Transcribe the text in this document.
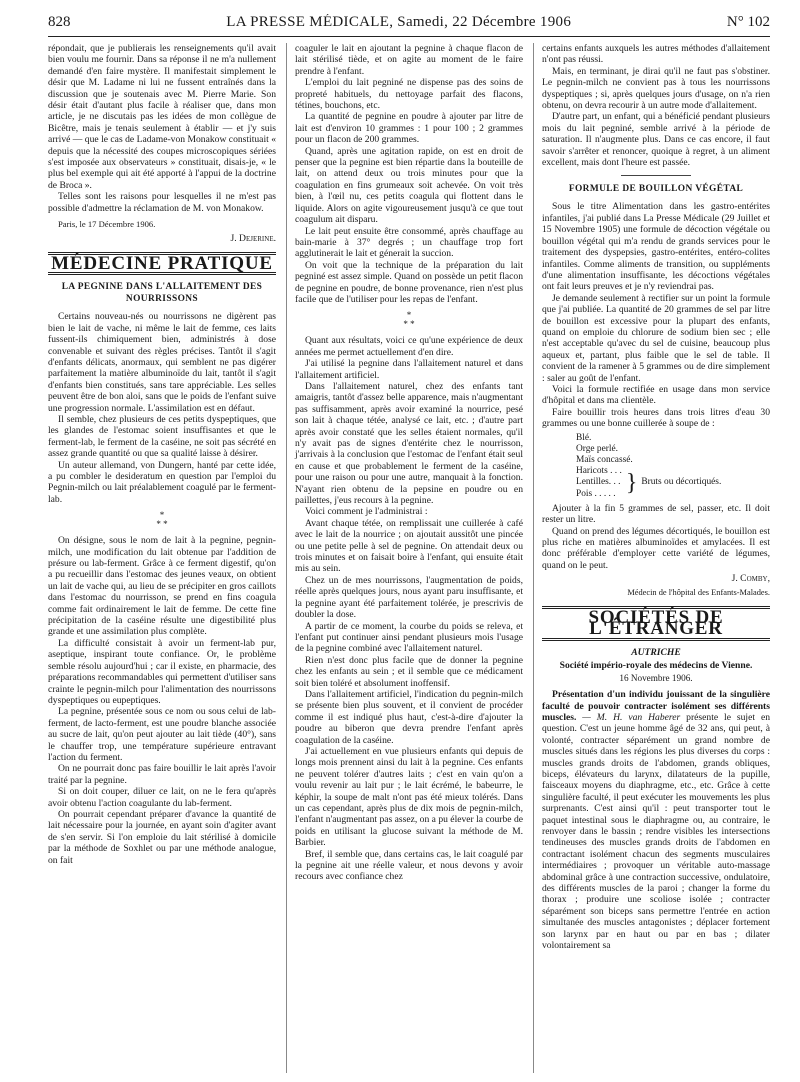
828	LA PRESSE MÉDICALE, Samedi, 22 Décembre 1906	N° 102

répondait, que je publierais les renseignements qu'il avait bien voulu me fournir. Dans sa réponse il ne m'a nullement demandé d'en faire mystère. Il manifestait simplement le désir que M. Ladame ni lui ne fussent entraînés dans la discussion que je soutenais avec M. Pierre Marie. Son désir était d'autant plus facile à réaliser que, dans mon article, je ne discutais pas les idées de mon collègue de Bicêtre, mais je tenais seulement à établir — et j'y suis arrivé — que le cas de Ladame-von Monakow constituait « depuis que la nécessité des coupes microscopiques sériées s'est imposée aux observateurs » constituait, disais-je, « le plus bel exemple qui ait été apporté à l'appui de la doctrine de Broca ».

Telles sont les raisons pour lesquelles il ne m'est pas possible d'admettre la réclamation de M. von Monakow.

Paris, le 17 Décembre 1906.

J. Dejerine.

MÉDECINE PRATIQUE
LA PEGNINE DANS L'ALLAITEMENT DES NOURRISSONS

Certains nouveau-nés ou nourrissons ne digèrent pas bien le lait de vache, ni même le lait de femme, ces laits fussent-ils chimiquement bien, administrés à dose convenable et suivant des règles précises. Tantôt il s'agit d'enfants délicats, anormaux, qui semblent ne pas digérer parfaitement la matière albuminoïde du lait, tantôt il s'agit d'enfants bien constitués, sans tare appréciable. Les selles peuvent être de bon aloi, sans que le poids de l'enfant suive une progression normale. L'assimilation est en défaut.

Il semble, chez plusieurs de ces petits dyspeptiques, que les glandes de l'estomac soient insuffisantes et que le ferment-lab, le ferment de la caséine, ne soit pas sécrété en assez grande quantité ou que sa qualité laisse à désirer.

Un auteur allemand, von Dungern, hanté par cette idée, a pu combler le desideratum en question par l'emploi du Pegnin-milch ou lait préalablement coagulé par le ferment-lab.

*
* *

On désigne, sous le nom de lait à la pegnine, pegnin-milch, une modification du lait obtenue par l'addition de présure ou lab-ferment. Grâce à ce ferment digestif, qu'on a pu recueillir dans l'estomac des jeunes veaux, on obtient un lait de vache qui, au lieu de se précipiter en gros caillots dans l'estomac du nourrisson, se prend en fins coagula comme fait ordinairement le lait de femme. De cette fine précipitation de la caséine résulte une digestibilité plus grande et une assimilation plus complète.

La difficulté consistait à avoir un ferment-lab pur, aseptique, inspirant toute confiance. Or, le problème semble résolu aujourd'hui ; car il existe, en pharmacie, des préparations recommandables qui permettent d'utiliser sans crainte le pegnin-milch pour l'alimentation des nourrissons dyspeptiques ou eupeptiques.

La pegnine, présentée sous ce nom ou sous celui de lab-ferment, de lacto-ferment, est une poudre blanche associée au sucre de lait, qu'on peut ajouter au lait tiède (40°), sans le chauffer trop, une température supérieure entravant l'action du ferment.

On ne pourrait donc pas faire bouillir le lait après l'avoir traité par la pegnine.

Si on doit couper, diluer ce lait, on ne le fera qu'après avoir obtenu l'action coagulante du lab-ferment.

On pourrait cependant préparer d'avance la quantité de lait nécessaire pour la journée, en ayant soin d'agiter avant de s'en servir. Si l'on emploie du lait stérilisé à domicile par la méthode de Soxhlet ou par une méthode analogue, on fait

coaguler le lait en ajoutant la pegnine à chaque flacon de lait stérilisé tiède, et on agite au moment de le faire prendre à l'enfant.

L'emploi du lait pegniné ne dispense pas des soins de propreté habituels, du nettoyage parfait des flacons, tétines, bouchons, etc.

La quantité de pegnine en poudre à ajouter par litre de lait est d'environ 10 grammes : 1 pour 100 ; 2 grammes pour un flacon de 200 grammes.

Quand, après une agitation rapide, on est en droit de penser que la pegnine est bien répartie dans la bouteille de lait, on attend deux ou trois minutes pour que la coagulation en fins grumeaux soit achevée. On voit très bien, à l'œil nu, ces petits coagula qui flottent dans le liquide. Alors on agite vigoureusement jusqu'à ce que tout coagulum ait disparu.

Le lait peut ensuite être consommé, après chauffage au bain-marie à 37° degrés ; un chauffage trop fort agglutinerait le lait et génerait la succion.

On voit que la technique de la préparation du lait pegniné est assez simple. Quand on possède un petit flacon de pegnine en poudre, de bonne provenance, rien n'est plus facile que de l'utiliser pour les repas de l'enfant.

*
* *

Quant aux résultats, voici ce qu'une expérience de deux années me permet actuellement d'en dire.

J'ai utilisé la pegnine dans l'allaitement naturel et dans l'allaitement artificiel.

Dans l'allaitement naturel, chez des enfants tant amaigris, tantôt d'assez belle apparence, mais n'augmentant pas suffisamment, après avoir examiné la nourrice, pesé son lait à chaque tétée, analysé ce lait, etc. ; d'autre part après avoir constaté que les selles étaient normales, qu'il n'y avait pas de signes d'entérite chez le nourrisson, j'arrivais à la conclusion que l'estomac de l'enfant était seul en cause et que probablement le ferment de la caséine, pour une raison ou pour une autre, manquait à la fonction. N'ayant rien obtenu de la pepsine en poudre ou en paillettes, j'eus recours à la pegnine.

Voici comment je l'administrai :

Avant chaque tétée, on remplissait une cuillerée à café avec le lait de la nourrice ; on ajoutait aussitôt une pincée ou une petite pelle à sel de pegnine. On attendait deux ou trois minutes et on faisait boire à l'enfant, qui ensuite était mis au sein.

Chez un de mes nourrissons, l'augmentation de poids, réelle après quelques jours, nous ayant paru insuffisante, et la pegnine ayant été parfaitement tolérée, je prescrivis de doubler la dose.

A partir de ce moment, la courbe du poids se releva, et l'enfant put continuer ainsi pendant plusieurs mois l'usage de la pegnine combiné avec l'allaitement naturel.

Rien n'est donc plus facile que de donner la pegnine chez les enfants au sein ; et il semble que ce médicament soit bien toléré et absolument inoffensif.

Dans l'allaitement artificiel, l'indication du pegnin-milch se présente bien plus souvent, et il convient de procéder comme il est indiqué plus haut, c'est-à-dire d'ajouter la poudre au biberon que devra prendre l'enfant après coagulation de la caséine.

J'ai actuellement en vue plusieurs enfants qui depuis de longs mois prennent ainsi du lait à la pegnine. Ces enfants ne peuvent tolérer d'autres laits ; c'est en vain qu'on a voulu revenir au lait pur ; le lait écrémé, le babeurre, le képhir, la soupe de malt n'ont pas été mieux tolérés. Dans un cas cependant, après plus de dix mois de pegnin-milch, l'enfant n'augmentant pas assez, on a pu élever la courbe de poids en utilisant la glucose suivant la méthode de M. Barbier.

Bref, il semble que, dans certains cas, le lait coagulé par la pegnine ait une réelle valeur, et nous devons y avoir recours avec confiance chez

certains enfants auxquels les autres méthodes d'allaitement n'ont pas réussi.

Mais, en terminant, je dirai qu'il ne faut pas s'obstiner. Le pegnin-milch ne convient pas à tous les nourrissons dyspeptiques ; si, après quelques jours d'usage, on n'a rien obtenu, on devra recourir à un autre mode d'allaitement.

D'autre part, un enfant, qui a bénéficié pendant plusieurs mois du lait pegniné, semble arrivé à la période de saturation. Il n'augmente plus. Dans ce cas encore, il faut savoir s'arrêter et renoncer, quoique à regret, à un aliment excellent, mais dont l'heure est passée.

FORMULE DE BOUILLON VÉGÉTAL

Sous le titre Alimentation dans les gastro-entérites infantiles, j'ai publié dans La Presse Médicale (29 Juillet et 15 Novembre 1905) une formule de décoction végétale ou bouillon végétal qui m'a rendu de grands services pour le traitement des dyspepsies, gastro-entérites, entéro-colites infantiles. Comme aliments de transition, ou suppléments d'une alimentation insuffisante, les décoctions végétales ont fait leurs preuves et je n'y reviendrai pas.

Je demande seulement à rectifier sur un point la formule que j'ai publiée. La quantité de 20 grammes de sel par litre de bouillon est excessive pour la plupart des enfants, quand on emploie du chlorure de sodium bien sec ; elle n'est acceptable qu'avec du sel de cuisine, beaucoup plus aqueux et, partant, plus faible que le sel de table. Il convient de la ramener à 5 grammes ou de dire simplement : saler au goût de l'enfant.

Voici la formule rectifiée en usage dans mon service d'hôpital et dans ma clientèle.

Faire bouillir trois heures dans trois litres d'eau 30 grammes ou une bonne cuillerée à soupe de :

Blé.
Orge perlé.
Maïs concassé.
Haricots . . .
Lentilles. . .
Pois . . . . . } Bruts ou décortiqués.

Ajouter à la fin 5 grammes de sel, passer, etc. Il doit rester un litre.

Quand on prend des légumes décortiqués, le bouillon est plus riche en matières albuminoïdes et amylacées. Il est donc préférable d'employer cette variété de légumes, quand on le peut.

J. Comby,

Médecin de l'hôpital des Enfants-Malades.

SOCIÉTÉS DE L'ÉTRANGER
AUTRICHE
Société império-royale des médecins de Vienne.
16 Novembre 1906.

Présentation d'un individu jouissant de la singulière faculté de pouvoir contracter isolément ses différents muscles. — M. H. van Haberer présente le sujet en question. C'est un jeune homme âgé de 32 ans, qui peut, à volonté, contracter séparément un grand nombre de muscles situés dans les régions les plus diverses du corps : muscles grands droits de l'abdomen, grands obliques, biceps, élévateurs du larynx, dilatateurs de la pupille, faisceaux moyens du diaphragme, etc., etc. Grâce à cette singulière faculté, il peut exécuter les mouvements les plus surprenants. C'est ainsi qu'il : peut transporter tout le paquet intestinal sous le diaphragme ou, au contraire, le renvoyer dans le bassin ; rendre visibles les intersections tendineuses des muscles grands droits de l'abdomen en contractant isolément chacun des segments musculaires intermédiaires ; provoquer un véritable auto-massage abdominal grâce à une contraction successive, ondulatoire, des différents muscles de la paroi ; changer la forme du thorax ; produire une scoliose isolée ; contracter séparément son biceps sans permettre l'entrée en action simultanée des muscles antagonistes ; déplacer fortement son larynx par en haut ou par en bas ; dilater volontairement sa
